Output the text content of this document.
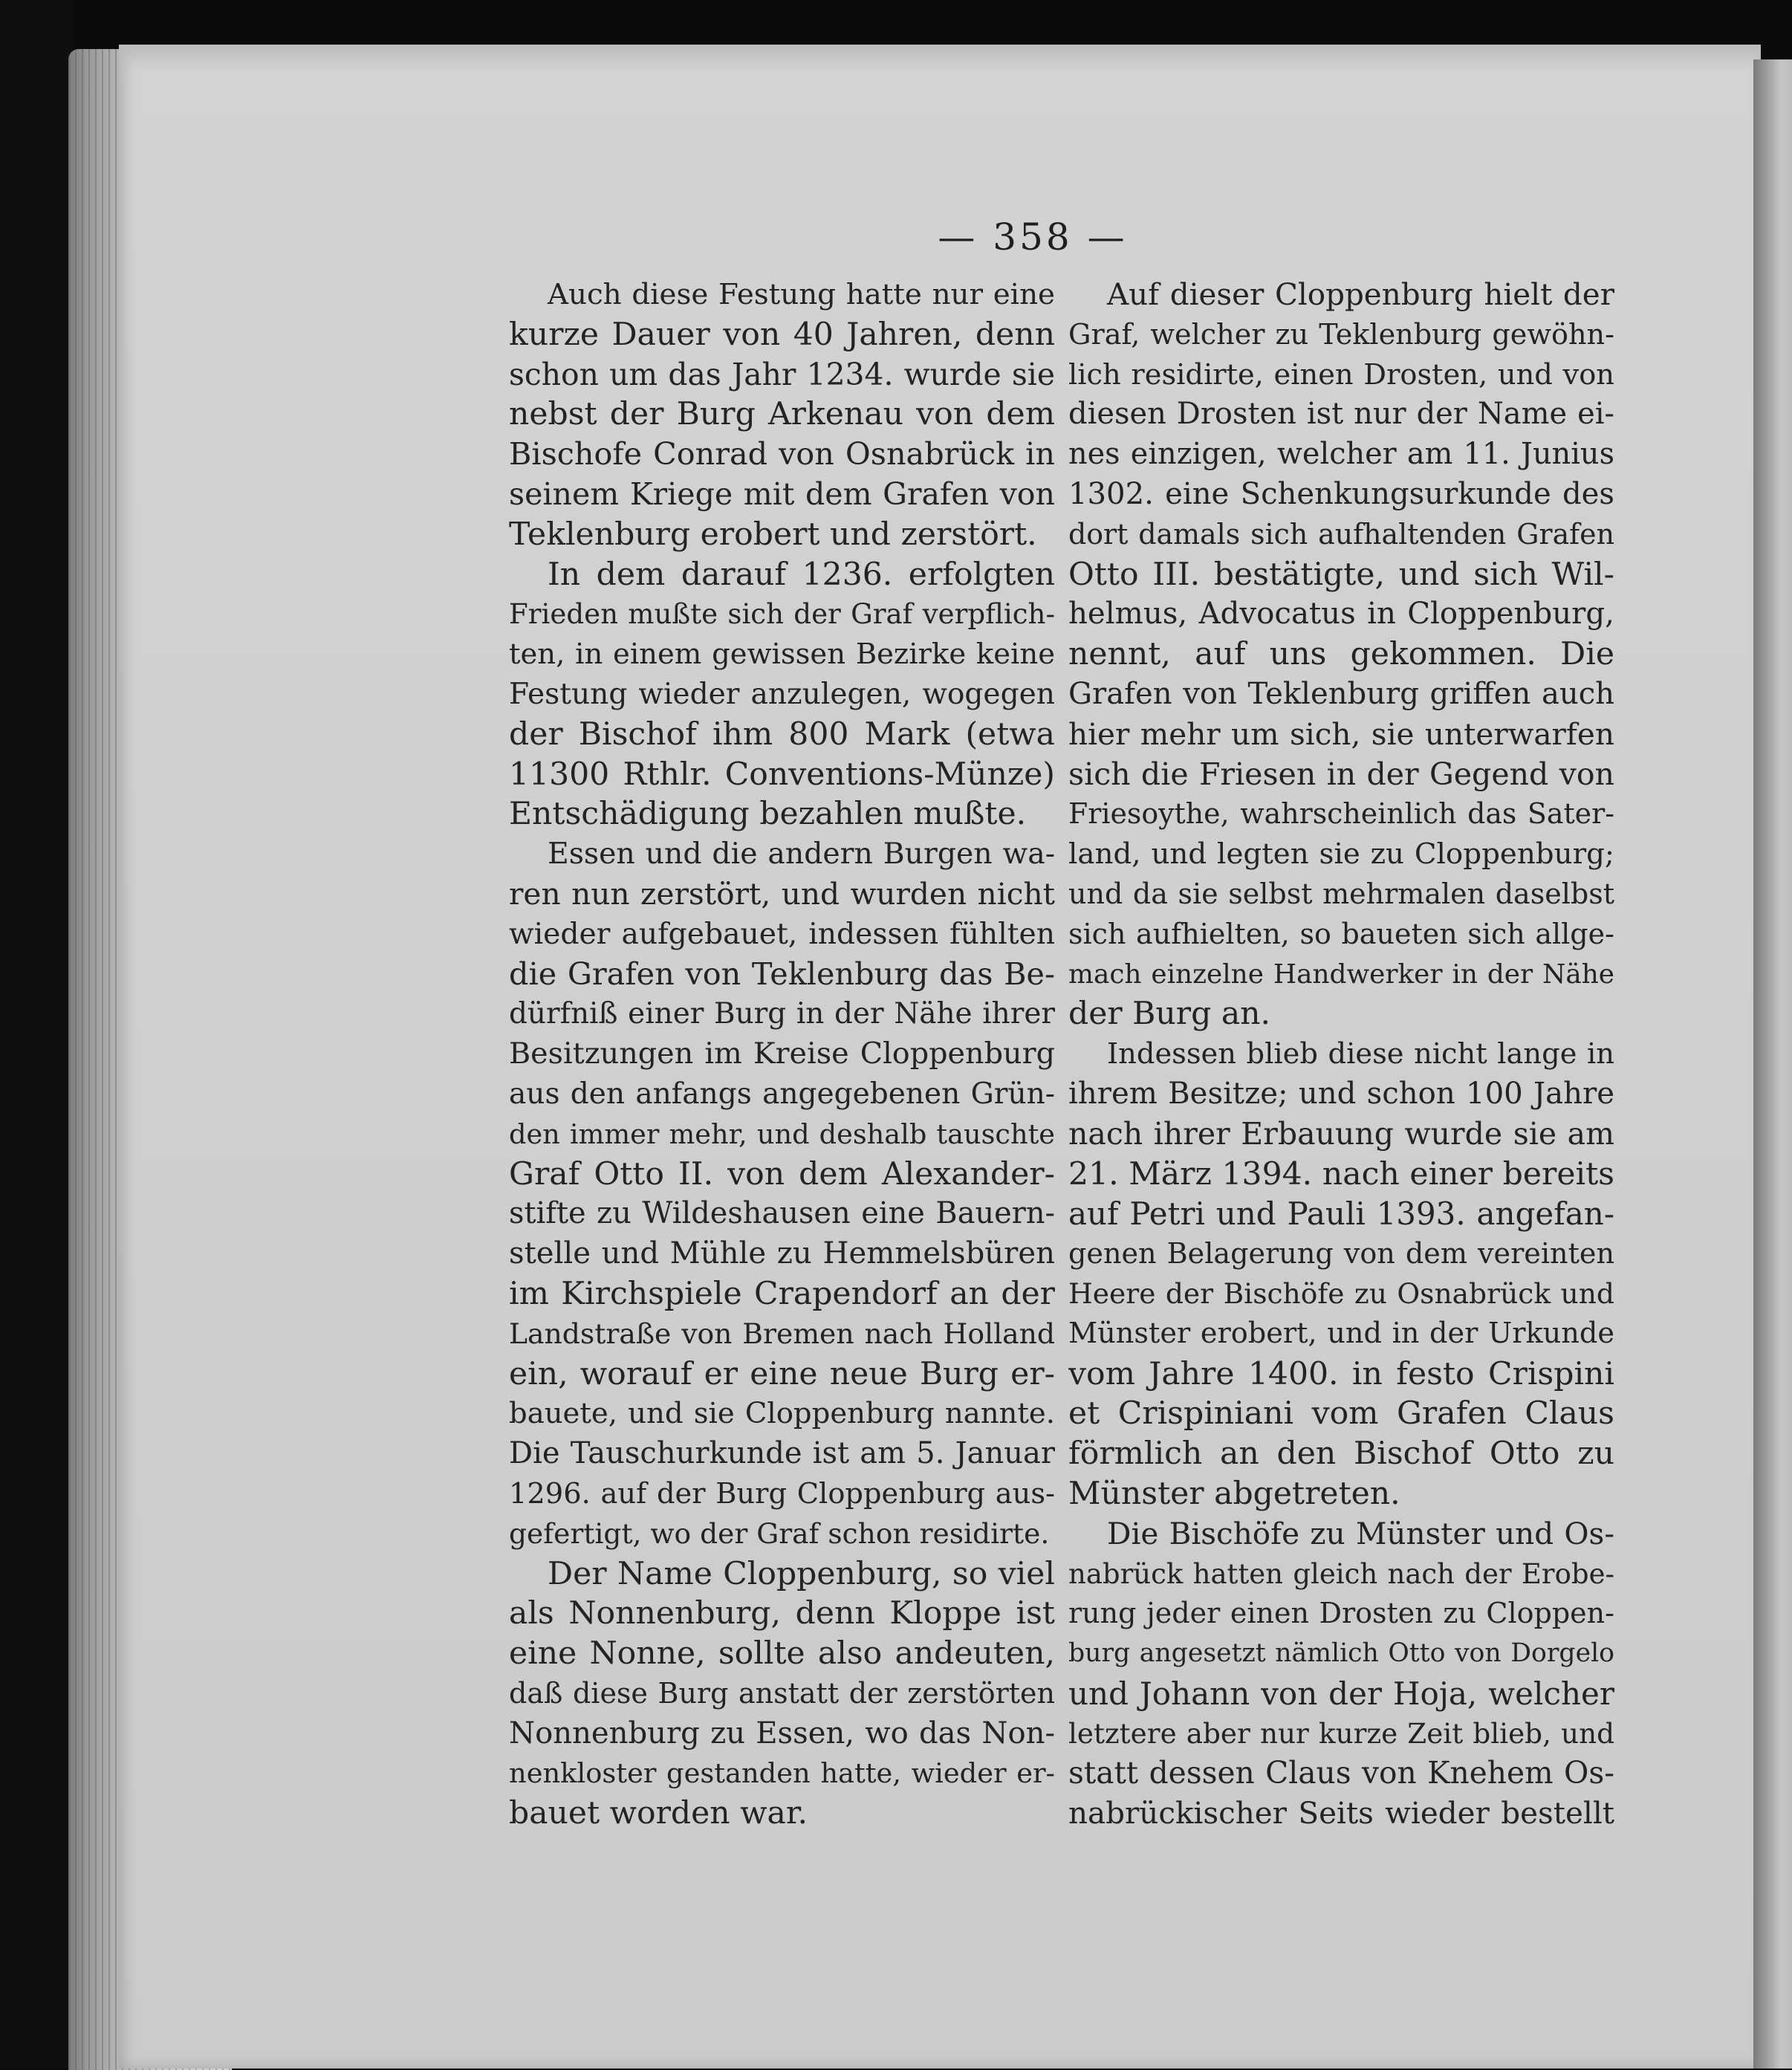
— 358 —
Auch diese Festung hatte nur eine
kurze Dauer von 40 Jahren, denn
schon um das Jahr 1234. wurde sie
nebst der Burg Arkenau von dem
Bischofe Conrad von Osnabrück in
seinem Kriege mit dem Grafen von
Teklenburg erobert und zerstört.
In dem darauf 1236. erfolgten
Frieden mußte sich der Graf verpflich-
ten, in einem gewissen Bezirke keine
Festung wieder anzulegen, wogegen
der Bischof ihm 800 Mark (etwa
11300 Rthlr. Conventions-Münze)
Entschädigung bezahlen mußte.
Essen und die andern Burgen wa-
ren nun zerstört, und wurden nicht
wieder aufgebauet, indessen fühlten
die Grafen von Teklenburg das Be-
dürfniß einer Burg in der Nähe ihrer
Besitzungen im Kreise Cloppenburg
aus den anfangs angegebenen Grün-
den immer mehr, und deshalb tauschte
Graf Otto II. von dem Alexander-
stifte zu Wildeshausen eine Bauern-
stelle und Mühle zu Hemmelsbüren
im Kirchspiele Crapendorf an der
Landstraße von Bremen nach Holland
ein, worauf er eine neue Burg er-
bauete, und sie Cloppenburg nannte.
Die Tauschurkunde ist am 5. Januar
1296. auf der Burg Cloppenburg aus-
gefertigt, wo der Graf schon residirte.
Der Name Cloppenburg, so viel
als Nonnenburg, denn Kloppe ist
eine Nonne, sollte also andeuten,
daß diese Burg anstatt der zerstörten
Nonnenburg zu Essen, wo das Non-
nenkloster gestanden hatte, wieder er-
bauet worden war.
Auf dieser Cloppenburg hielt der
Graf, welcher zu Teklenburg gewöhn-
lich residirte, einen Drosten, und von
diesen Drosten ist nur der Name ei-
nes einzigen, welcher am 11. Junius
1302. eine Schenkungsurkunde des
dort damals sich aufhaltenden Grafen
Otto III. bestätigte, und sich Wil-
helmus, Advocatus in Cloppenburg,
nennt, auf uns gekommen. Die
Grafen von Teklenburg griffen auch
hier mehr um sich, sie unterwarfen
sich die Friesen in der Gegend von
Friesoythe, wahrscheinlich das Sater-
land, und legten sie zu Cloppenburg;
und da sie selbst mehrmalen daselbst
sich aufhielten, so baueten sich allge-
mach einzelne Handwerker in der Nähe
der Burg an.
Indessen blieb diese nicht lange in
ihrem Besitze; und schon 100 Jahre
nach ihrer Erbauung wurde sie am
21. März 1394. nach einer bereits
auf Petri und Pauli 1393. angefan-
genen Belagerung von dem vereinten
Heere der Bischöfe zu Osnabrück und
Münster erobert, und in der Urkunde
vom Jahre 1400. in festo Crispini
et Crispiniani vom Grafen Claus
förmlich an den Bischof Otto zu
Münster abgetreten.
Die Bischöfe zu Münster und Os-
nabrück hatten gleich nach der Erobe-
rung jeder einen Drosten zu Cloppen-
burg angesetzt nämlich Otto von Dorgelo
und Johann von der Hoja, welcher
letztere aber nur kurze Zeit blieb, und
statt dessen Claus von Knehem Os-
nabrückischer Seits wieder bestellt
